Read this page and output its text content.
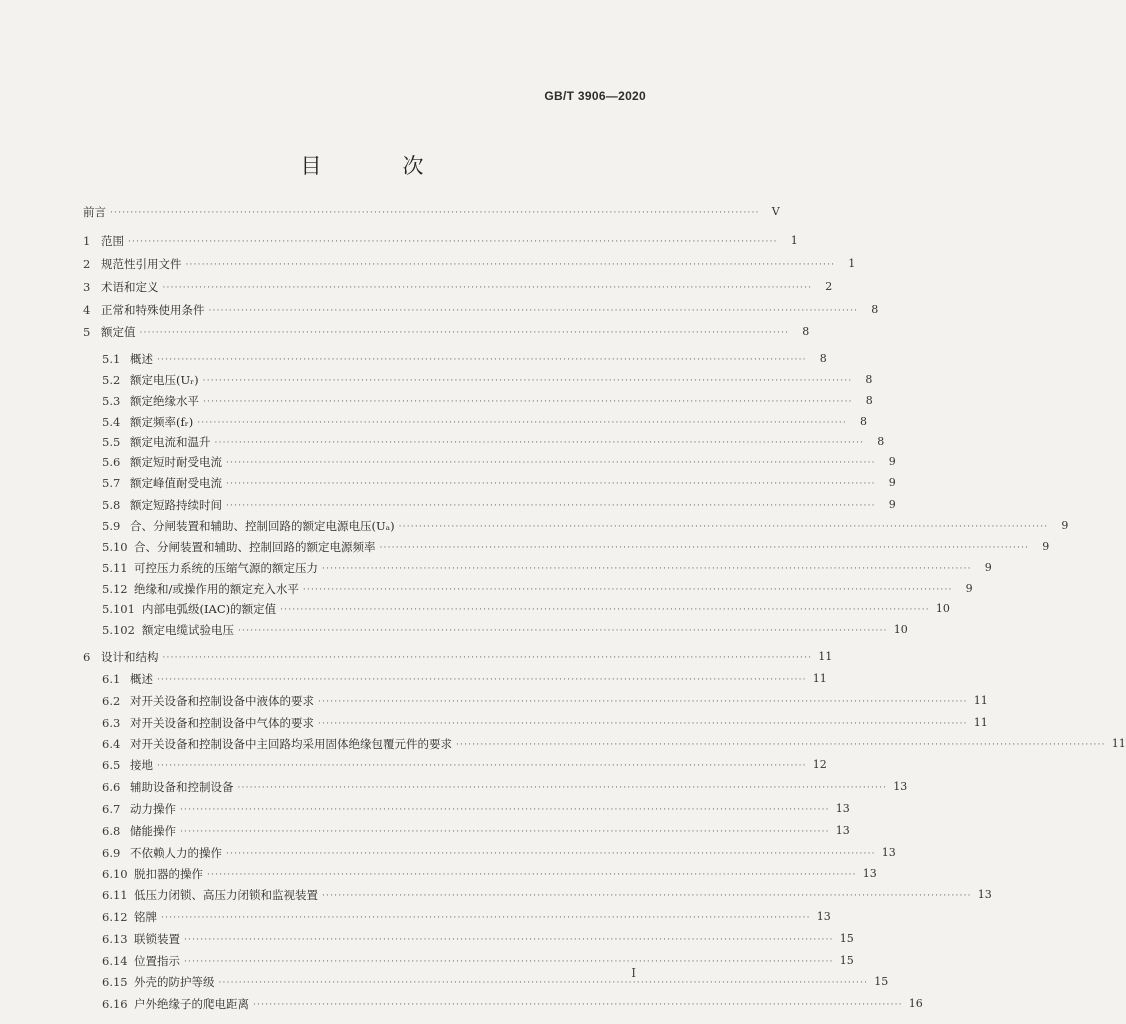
GB/T 3906—2020
目　次
前言 ································································································································································	Ⅴ
1 范围 ································································································································································	1
2 规范性引用文件 ································································································································································	1
3 术语和定义 ································································································································································	2
4 正常和特殊使用条件 ································································································································································	8
5 额定值 ································································································································································	8
5.1 概述 ································································································································································	8
5.2 额定电压(Uᵣ) ································································································································································	8
5.3 额定绝缘水平 ································································································································································	8
5.4 额定频率(fᵣ) ································································································································································	8
5.5 额定电流和温升 ································································································································································	8
5.6 额定短时耐受电流 ································································································································································	9
5.7 额定峰值耐受电流 ································································································································································	9
5.8 额定短路持续时间 ································································································································································	9
5.9 合、分闸装置和辅助、控制回路的额定电源电压(Uₐ) ································································································································································	9
5.10 合、分闸装置和辅助、控制回路的额定电源频率 ································································································································································	9
5.11 可控压力系统的压缩气源的额定压力 ································································································································································	9
5.12 绝缘和/或操作用的额定充入水平 ································································································································································	9
5.101 内部电弧级(IAC)的额定值 ································································································································································ 10
5.102 额定电缆试验电压 ································································································································································ 10
6 设计和结构 ································································································································································ 11
6.1 概述 ································································································································································ 11
6.2 对开关设备和控制设备中液体的要求 ································································································································································ 11
6.3 对开关设备和控制设备中气体的要求 ································································································································································ 11
6.4 对开关设备和控制设备中主回路均采用固体绝缘包覆元件的要求 ································································································································································ 11
6.5 接地 ································································································································································ 12
6.6 辅助设备和控制设备 ································································································································································ 13
6.7 动力操作 ································································································································································ 13
6.8 储能操作 ································································································································································ 13
6.9 不依赖人力的操作 ································································································································································ 13
6.10 脱扣器的操作 ································································································································································ 13
6.11 低压力闭锁、高压力闭锁和监视装置 ································································································································································ 13
6.12 铭牌 ································································································································································ 13
6.13 联锁装置 ································································································································································ 15
6.14 位置指示 ································································································································································ 15
6.15 外壳的防护等级 ································································································································································ 15
6.16 户外绝缘子的爬电距离 ································································································································································ 16
I
